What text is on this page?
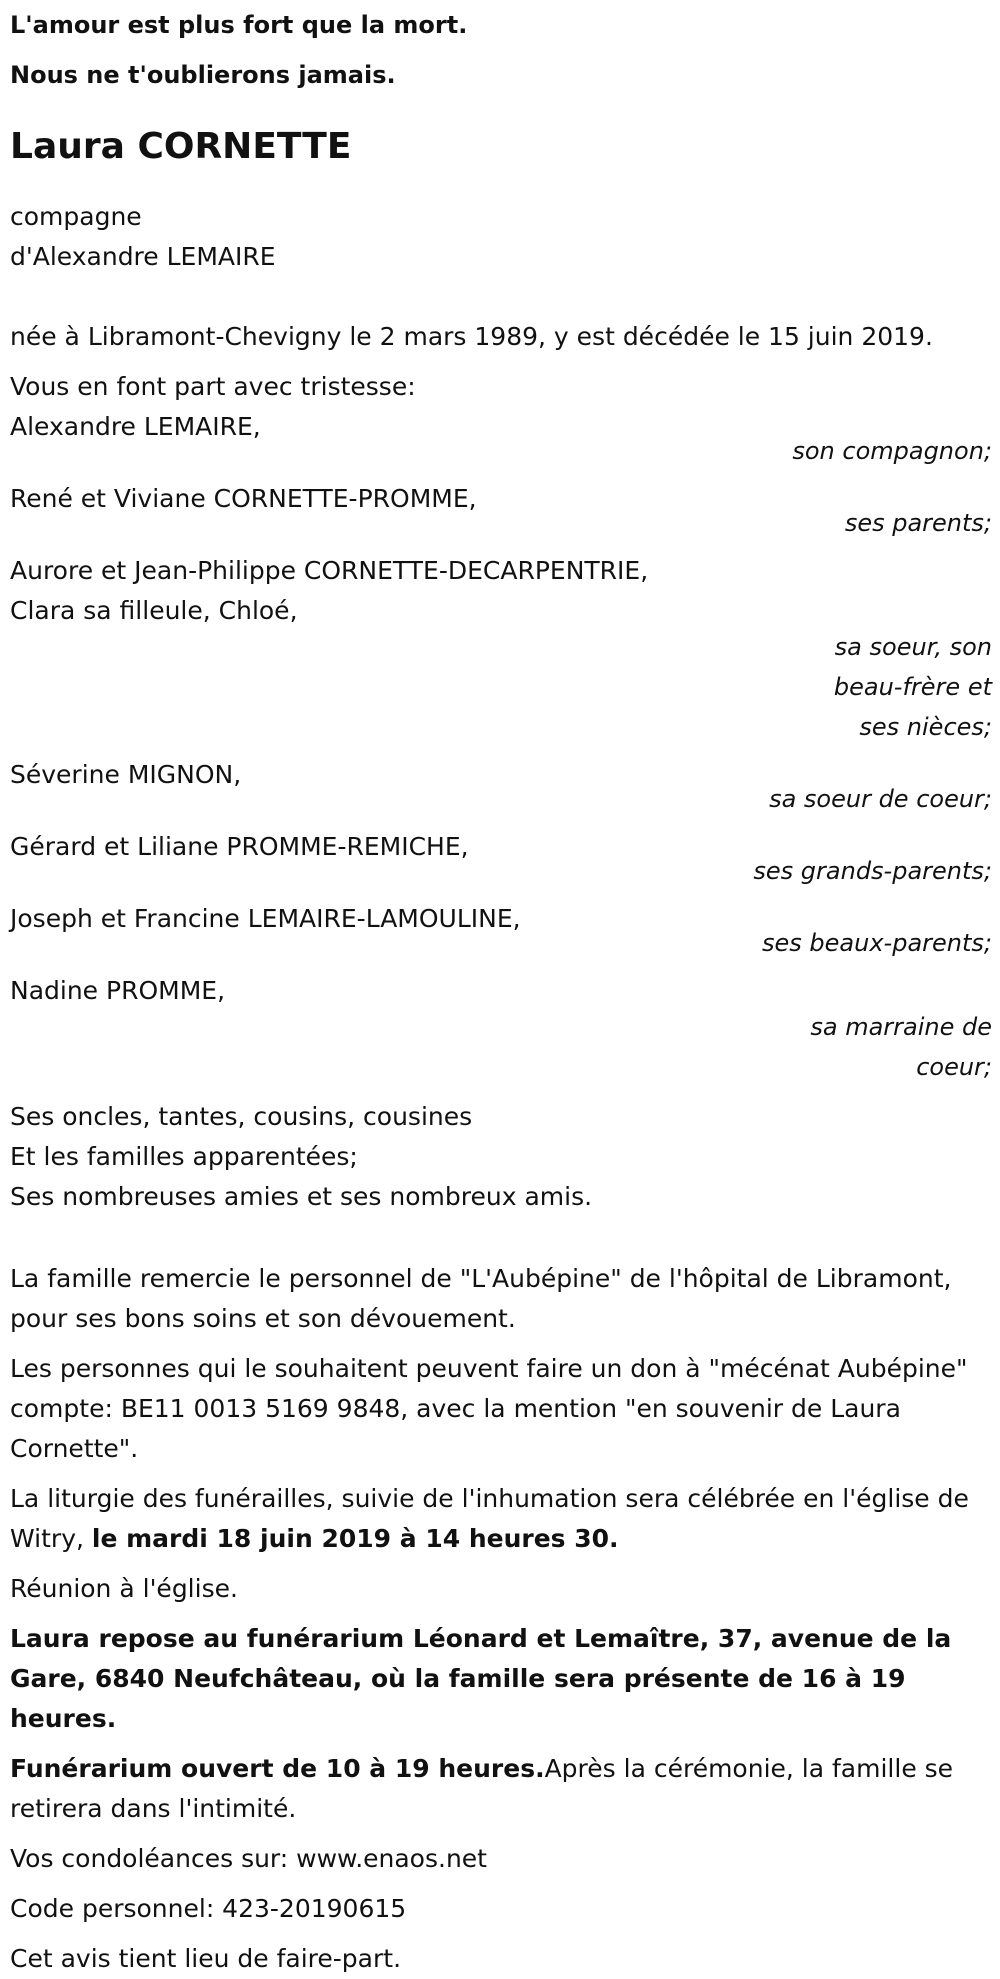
L'amour est plus fort que la mort.
Nous ne t'oublierons jamais.
Laura CORNETTE

compagne

d'Alexandre LEMAIRE

née à Libramont-Chevigny le 2 mars 1989, y est décédée le 15 juin 2019.

Vous en font part avec tristesse:

Alexandre LEMAIRE,
son compagnon;
René et Viviane CORNETTE-PROMME,
ses parents;
Aurore et Jean-Philippe CORNETTE-DECARPENTRIE,
Clara sa filleule, Chloé,
sa soeur, son beau-frère et ses nièces;
Séverine MIGNON,
sa soeur de coeur;
Gérard et Liliane PROMME-REMICHE,
ses grands-parents;
Joseph et Francine LEMAIRE-LAMOULINE,
ses beaux-parents;
Nadine PROMME,
sa marraine de coeur;

Ses oncles, tantes, cousins, cousines

Et les familles apparentées;

Ses nombreuses amies et ses nombreux amis.

La famille remercie le personnel de "L'Aubépine" de l'hôpital de Libramont, pour ses bons soins et son dévouement.

Les personnes qui le souhaitent peuvent faire un don à "mécénat Aubépine" compte: BE11 0013 5169 9848, avec la mention "en souvenir de Laura Cornette".

La liturgie des funérailles, suivie de l'inhumation sera célébrée en l'église de Witry, le mardi 18 juin 2019 à 14 heures 30.

Réunion à l'église.

Laura repose au funérarium Léonard et Lemaître, 37, avenue de la Gare, 6840 Neufchâteau, où la famille sera présente de 16 à 19 heures.

Funérarium ouvert de 10 à 19 heures.Après la cérémonie, la famille se retirera dans l'intimité.

Vos condoléances sur: www.enaos.net

Code personnel: 423-20190615

Cet avis tient lieu de faire-part.
